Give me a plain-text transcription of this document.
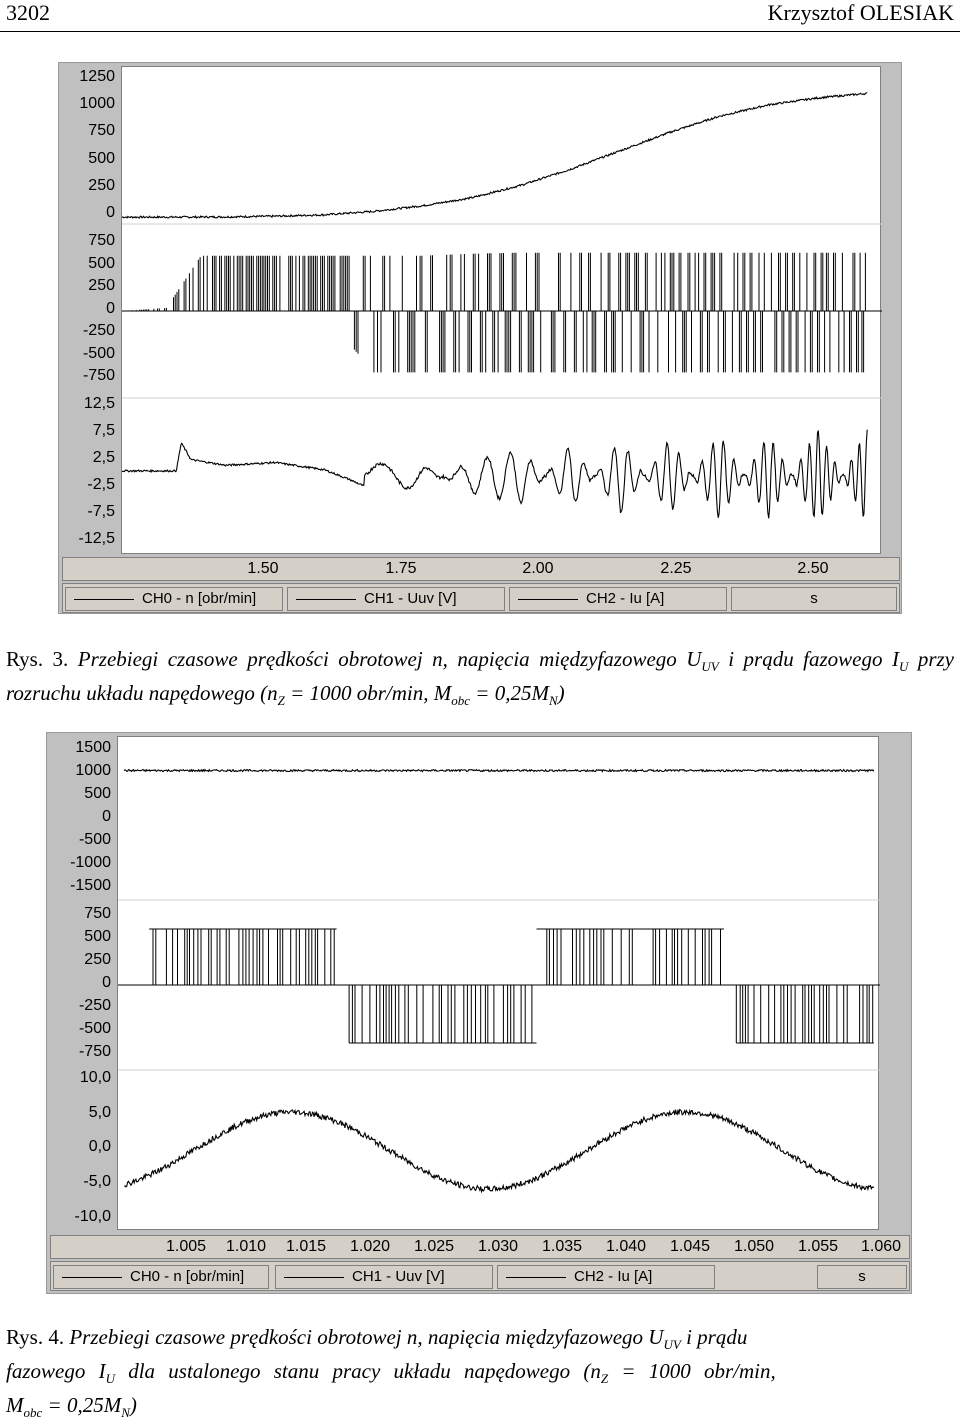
3202	Krzysztof OLESIAK
1250
1000
750
500
250
0
750
500
250
0
-250
-500
-750
12,5
7,5
2,5
-2,5
-7,5
-12,5
1.50	1.75	2.00	2.25	2.50
CH0 - n [obr/min]	CH1 - Uuv [V]	CH2 - Iu [A]	s
Rys. 3. Przebiegi czasowe prędkości obrotowej n, napięcia międzyfazowego $U_{UV}$ i prądu fazowego $I_U$ przy rozruchu układu napędowego ($n_Z = 1000$ obr/min, $M_{obc} = 0,25M_N$)
1500
1000
500
0
-500
-1000
-1500
750
500
250
0
-250
-500
-750
10,0
5,0
0,0
-5,0
-10,0
1.005 1.010 1.015 1.020 1.025 1.030 1.035 1.040 1.045 1.050 1.055 1.060
CH0 - n [obr/min]	CH1 - Uuv [V]	CH2 - Iu [A]	s
Rys. 4. Przebiegi czasowe prędkości obrotowej n, napięcia międzyfazowego $U_{UV}$ i prądu
fazowego $I_U$ dla ustalonego stanu pracy układu napędowego ($n_Z = 1000$ obr/min,
$M_{obc} = 0,25M_N$)
